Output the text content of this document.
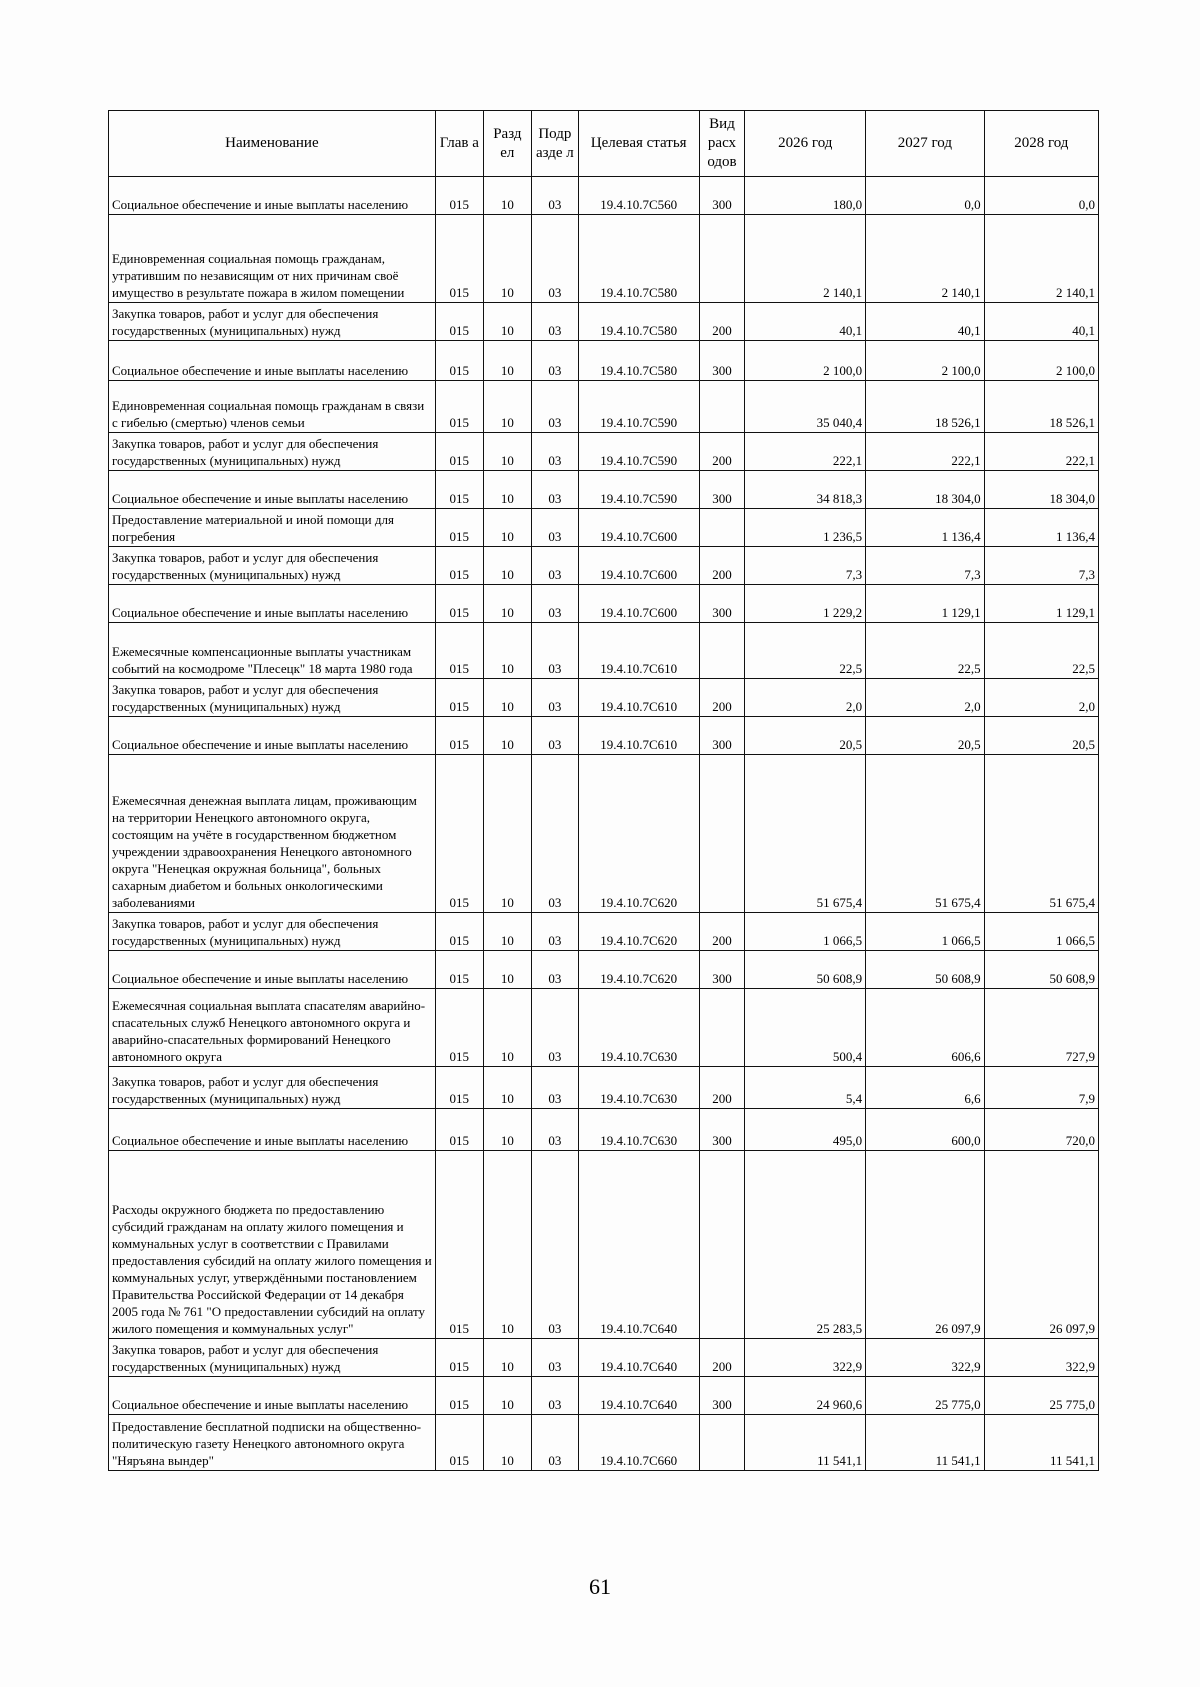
Наименование	Глав а	Разд ел	Подр азде л	Целевая статья	Вид расх одов	2026 год	2027 год	2028 год
Социальное обеспечение и иные выплаты населению	015	10	03	19.4.10.7С560	300	180,0	0,0	0,0
Единовременная социальная помощь гражданам, утратившим по независящим от них причинам своё имущество в результате пожара в жилом помещении	015	10	03	19.4.10.7С580		2 140,1	2 140,1	2 140,1
Закупка товаров, работ и услуг для обеспечения государственных (муниципальных) нужд	015	10	03	19.4.10.7С580	200	40,1	40,1	40,1
Социальное обеспечение и иные выплаты населению	015	10	03	19.4.10.7С580	300	2 100,0	2 100,0	2 100,0
Единовременная социальная помощь гражданам в связи с гибелью (смертью) членов семьи	015	10	03	19.4.10.7С590		35 040,4	18 526,1	18 526,1
Закупка товаров, работ и услуг для обеспечения государственных (муниципальных) нужд	015	10	03	19.4.10.7С590	200	222,1	222,1	222,1
Социальное обеспечение и иные выплаты населению	015	10	03	19.4.10.7С590	300	34 818,3	18 304,0	18 304,0
Предоставление материальной и иной помощи для погребения	015	10	03	19.4.10.7С600		1 236,5	1 136,4	1 136,4
Закупка товаров, работ и услуг для обеспечения государственных (муниципальных) нужд	015	10	03	19.4.10.7С600	200	7,3	7,3	7,3
Социальное обеспечение и иные выплаты населению	015	10	03	19.4.10.7С600	300	1 229,2	1 129,1	1 129,1
Ежемесячные компенсационные выплаты участникам событий на космодроме "Плесецк" 18 марта 1980 года	015	10	03	19.4.10.7С610		22,5	22,5	22,5
Закупка товаров, работ и услуг для обеспечения государственных (муниципальных) нужд	015	10	03	19.4.10.7С610	200	2,0	2,0	2,0
Социальное обеспечение и иные выплаты населению	015	10	03	19.4.10.7С610	300	20,5	20,5	20,5
Ежемесячная денежная выплата лицам, проживающим на территории Ненецкого автономного округа, состоящим на учёте в государственном бюджетном учреждении здравоохранения Ненецкого автономного округа "Ненецкая окружная больница", больных сахарным диабетом и больных онкологическими заболеваниями	015	10	03	19.4.10.7С620		51 675,4	51 675,4	51 675,4
Закупка товаров, работ и услуг для обеспечения государственных (муниципальных) нужд	015	10	03	19.4.10.7С620	200	1 066,5	1 066,5	1 066,5
Социальное обеспечение и иные выплаты населению	015	10	03	19.4.10.7С620	300	50 608,9	50 608,9	50 608,9
Ежемесячная социальная выплата спасателям аварийно-спасательных служб Ненецкого автономного округа и аварийно-спасательных формирований Ненецкого автономного округа	015	10	03	19.4.10.7С630		500,4	606,6	727,9
Закупка товаров, работ и услуг для обеспечения государственных (муниципальных) нужд	015	10	03	19.4.10.7С630	200	5,4	6,6	7,9
Социальное обеспечение и иные выплаты населению	015	10	03	19.4.10.7С630	300	495,0	600,0	720,0
Расходы окружного бюджета по предоставлению субсидий гражданам на оплату жилого помещения и коммунальных услуг в соответствии с Правилами предоставления субсидий на оплату жилого помещения и коммунальных услуг, утверждёнными постановлением Правительства Российской Федерации от 14 декабря 2005 года № 761 "О предоставлении субсидий на оплату жилого помещения и коммунальных услуг"	015	10	03	19.4.10.7С640		25 283,5	26 097,9	26 097,9
Закупка товаров, работ и услуг для обеспечения государственных (муниципальных) нужд	015	10	03	19.4.10.7С640	200	322,9	322,9	322,9
Социальное обеспечение и иные выплаты населению	015	10	03	19.4.10.7С640	300	24 960,6	25 775,0	25 775,0
Предоставление бесплатной подписки на общественно-политическую газету Ненецкого автономного округа "Няръяна вындер"	015	10	03	19.4.10.7С660		11 541,1	11 541,1	11 541,1
61
